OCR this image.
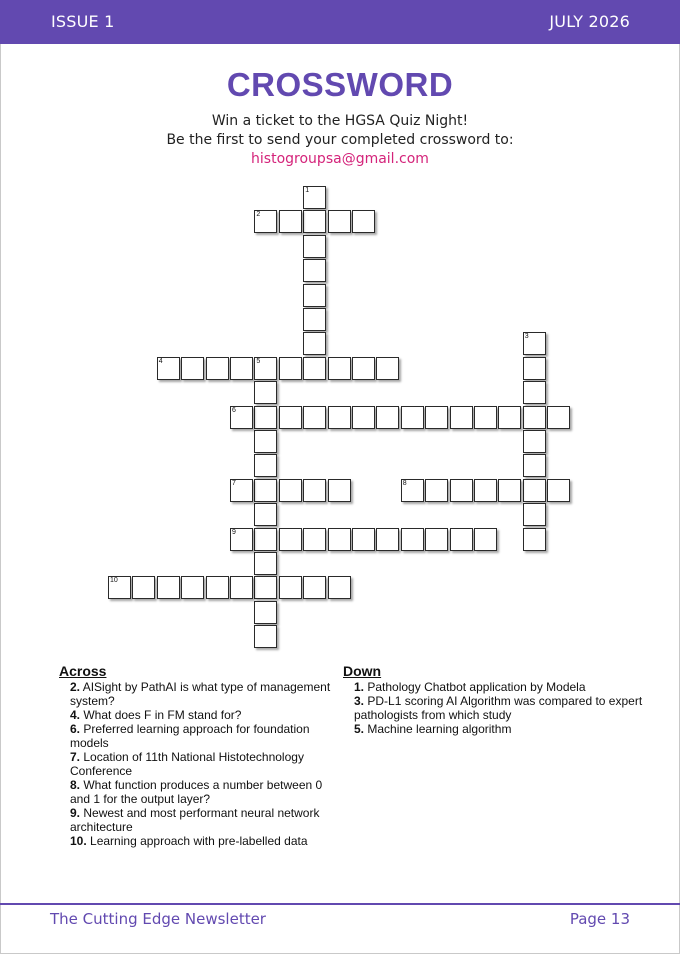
ISSUE 1	JULY 2026
CROSSWORD
Win a ticket to the HGSA Quiz Night!
Be the first to send your completed crossword to:
histogroupsa@gmail.com
1
2
3
4	5
6
7	8
9
10
Across
2. AISight by PathAI is what type of management system?
4. What does F in FM stand for?
6. Preferred learning approach for foundation models
7. Location of 11th National Histotechnology Conference
8. What function produces a number between 0 and 1 for the output layer?
9. Newest and most performant neural network architecture
10. Learning approach with pre-labelled data
Down
1. Pathology Chatbot application by Modela
3. PD-L1 scoring AI Algorithm was compared to expert pathologists from which study
5. Machine learning algorithm
The Cutting Edge Newsletter	Page 13
